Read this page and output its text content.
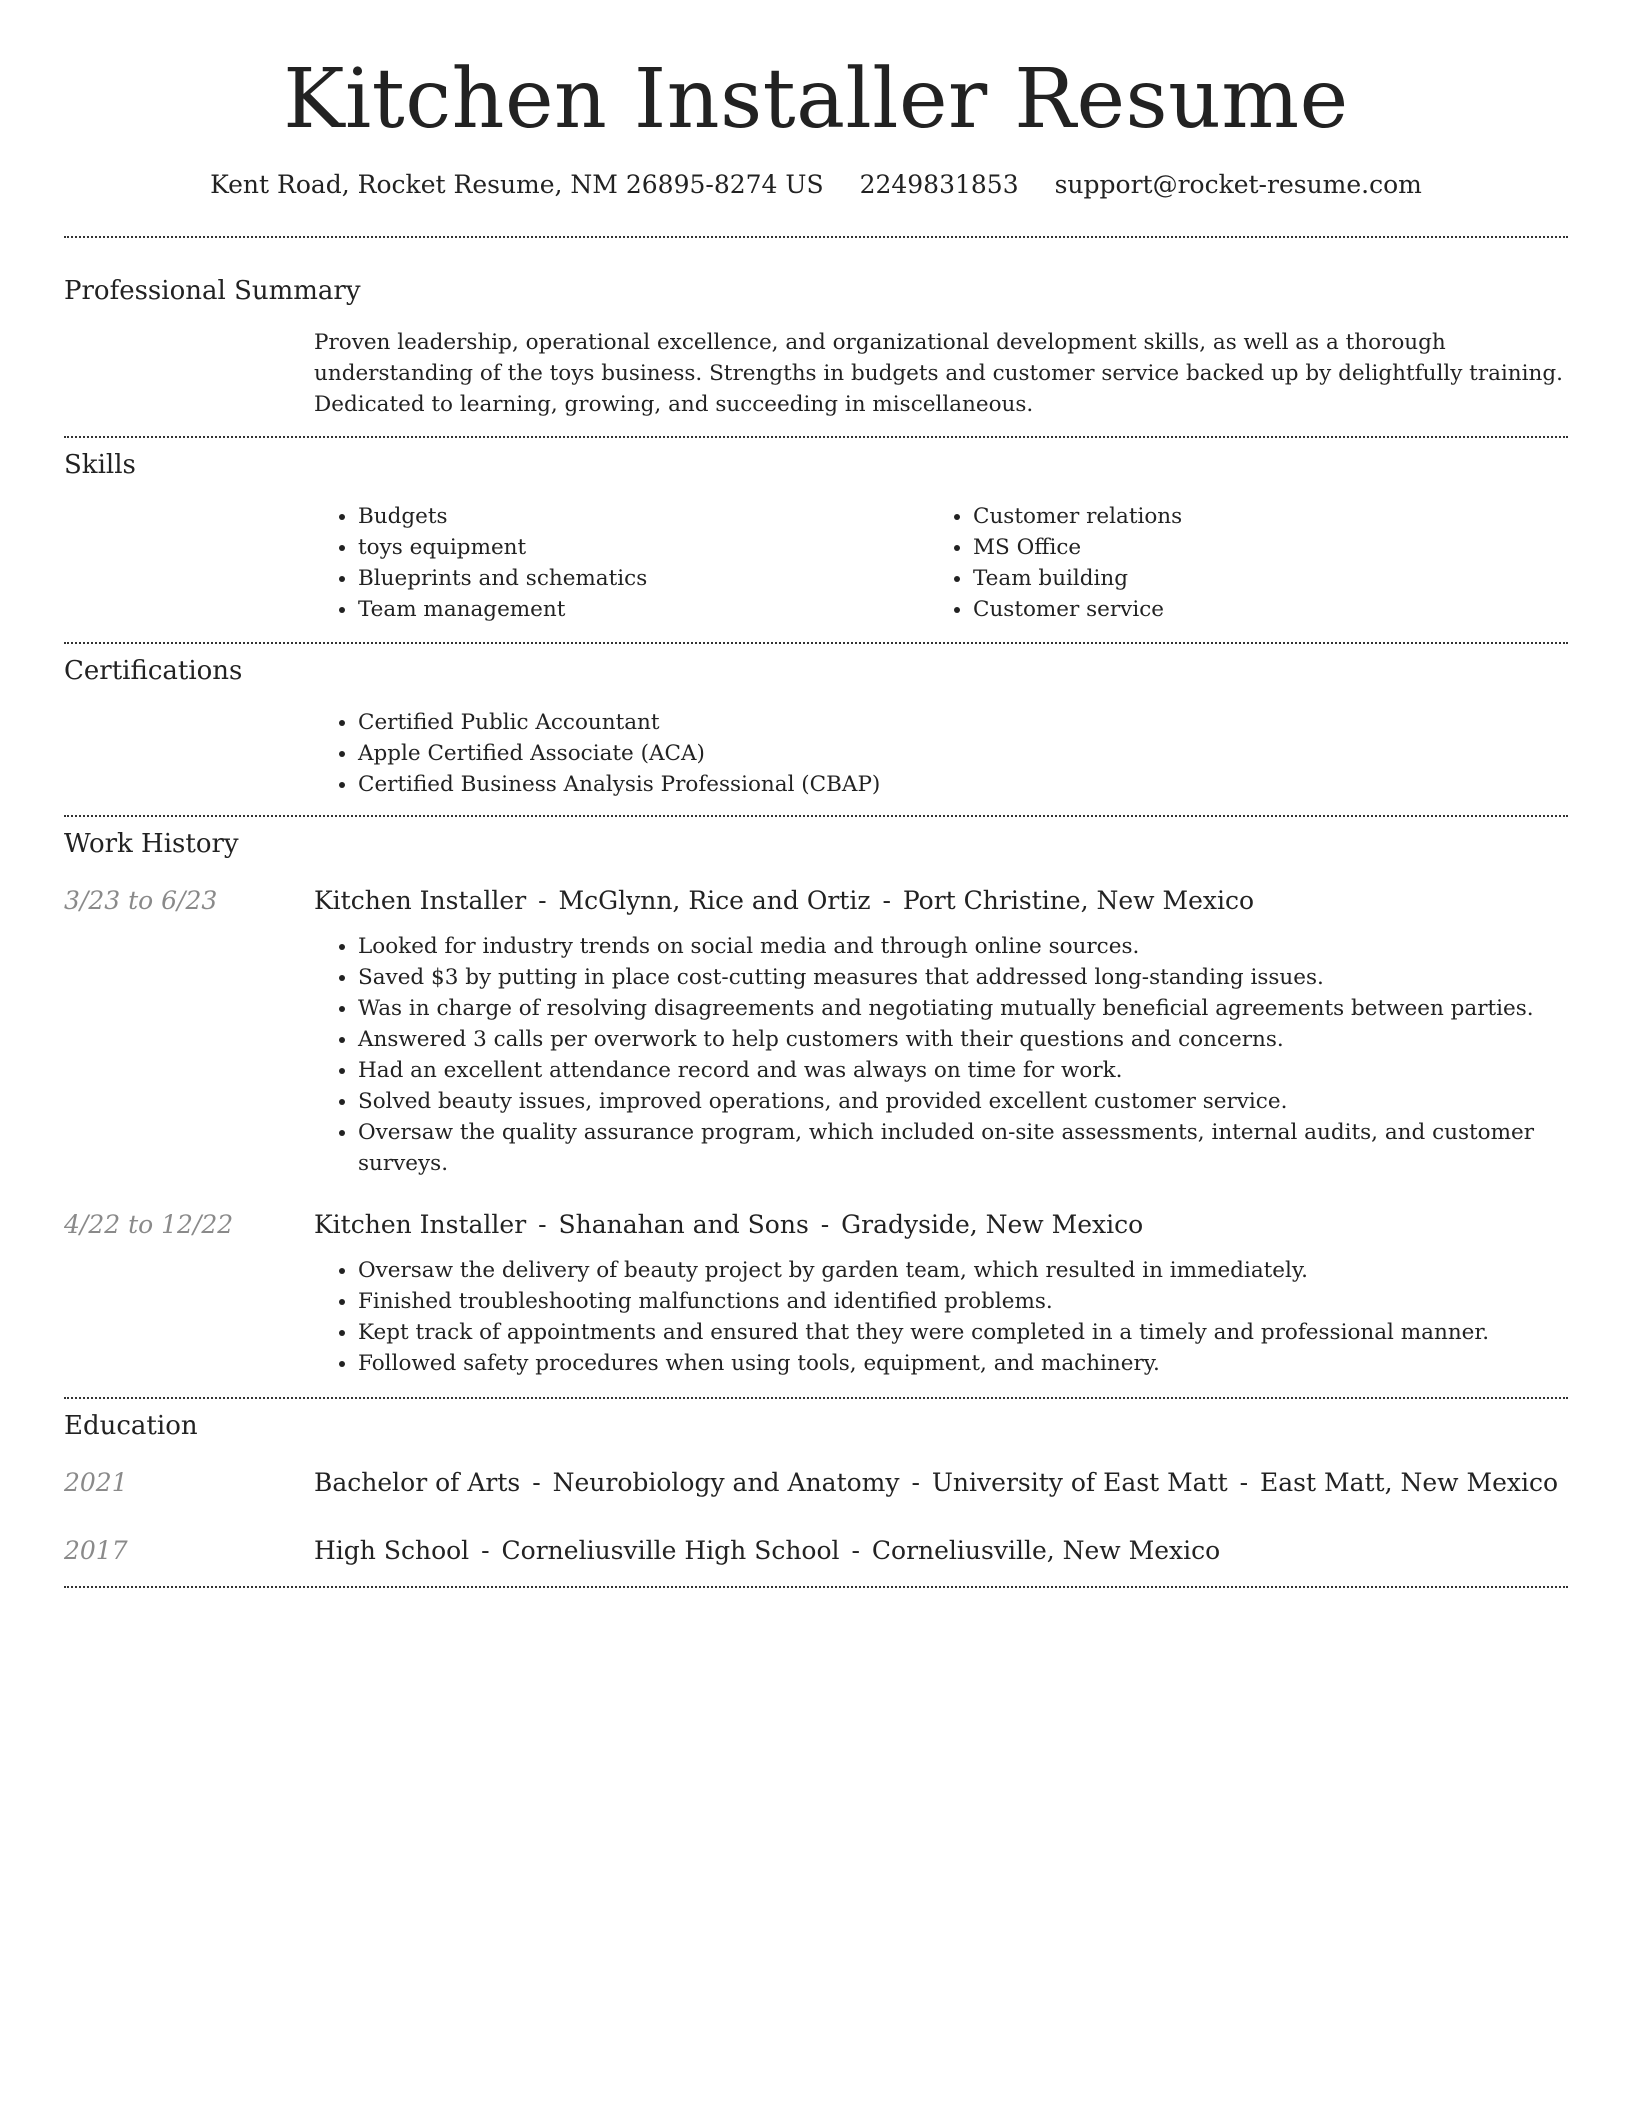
Kitchen Installer Resume
Kent Road, Rocket Resume, NM 26895-8274 US 2249831853 support@rocket-resume.com
Professional Summary

Proven leadership, operational excellence, and organizational development skills, as well as a thorough understanding of the toys business. Strengths in budgets and customer service backed up by delightfully training. Dedicated to learning, growing, and succeeding in miscellaneous.

Skills
• Budgets
• toys equipment
• Blueprints and schematics
• Team management
• Customer relations
• MS Office
• Team building
• Customer service
Certifications
• Certified Public Accountant
• Apple Certified Associate (ACA)
• Certified Business Analysis Professional (CBAP)
Work History
3/23 to 6/23	Kitchen Installer - McGlynn, Rice and Ortiz - Port Christine, New Mexico
• Looked for industry trends on social media and through online sources.
• Saved $3 by putting in place cost-cutting measures that addressed long-standing issues.
• Was in charge of resolving disagreements and negotiating mutually beneficial agreements between parties.
• Answered 3 calls per overwork to help customers with their questions and concerns.
• Had an excellent attendance record and was always on time for work.
• Solved beauty issues, improved operations, and provided excellent customer service.
• Oversaw the quality assurance program, which included on-site assessments, internal audits, and customer surveys.
4/22 to 12/22	Kitchen Installer - Shanahan and Sons - Gradyside, New Mexico
• Oversaw the delivery of beauty project by garden team, which resulted in immediately.
• Finished troubleshooting malfunctions and identified problems.
• Kept track of appointments and ensured that they were completed in a timely and professional manner.
• Followed safety procedures when using tools, equipment, and machinery.
Education
2021	Bachelor of Arts - Neurobiology and Anatomy - University of East Matt - East Matt, New Mexico
2017	High School - Corneliusville High School - Corneliusville, New Mexico
